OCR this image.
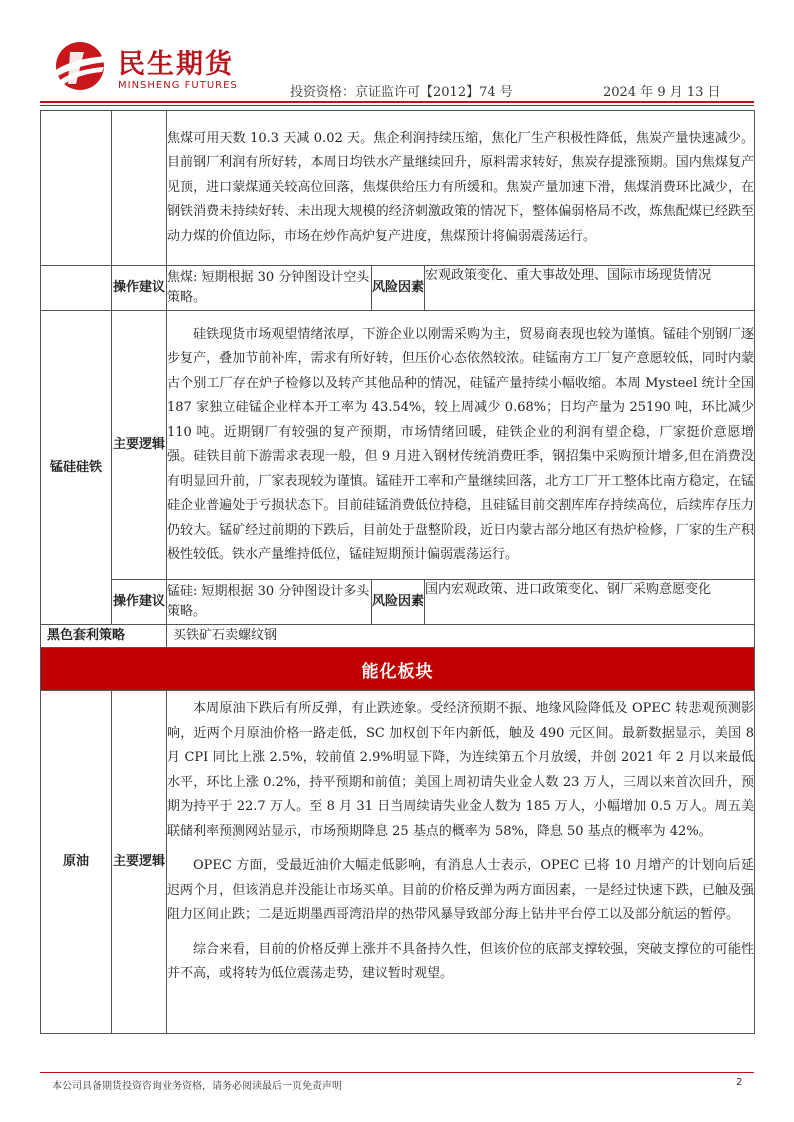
民生期货
MINSHENG FUTURES	投资资格：京证监许可【2012】74 号	2024 年 9 月 13 日

		焦煤可用天数 10.3 天减 0.02 天。焦企利润持续压缩，焦化厂生产积极性降低，焦炭产量快速减少。目前钢厂利润有所好转，本周日均铁水产量继续回升，原料需求转好，焦炭存提涨预期。国内焦煤复产见顶，进口蒙煤通关较高位回落，焦煤供给压力有所缓和。焦炭产量加速下滑，焦煤消费环比减少，在钢铁消费未持续好转、未出现大规模的经济刺激政策的情况下，整体偏弱格局不改，炼焦配煤已经跌至动力煤的价值边际，市场在炒作高炉复产进度，焦煤预计将偏弱震荡运行。		

	操作建议	焦煤: 短期根据 30 分钟图设计空头策略。	风险因素	宏观政策变化、重大事故处理、国际市场现货情况
锰硅硅铁	主要逻辑	硅铁现货市场观望情绪浓厚，下游企业以刚需采购为主，贸易商表现也较为谨慎。锰硅个别钢厂逐步复产，叠加节前补库，需求有所好转，但压价心态依然较浓。硅锰南方工厂复产意愿较低，同时内蒙古个别工厂存在炉子检修以及转产其他品种的情况，硅锰产量持续小幅收缩。本周 Mysteel 统计全国 187 家独立硅锰企业样本开工率为 43.54%，较上周减少 0.68%；日均产量为 25190 吨，环比减少 110 吨。近期钢厂有较强的复产预期，市场情绪回暖，硅铁企业的利润有望企稳，厂家挺价意愿增强。硅铁目前下游需求表现一般，但 9 月进入钢材传统消费旺季，钢招集中采购预计增多,但在消费没有明显回升前，厂家表现较为谨慎。锰硅开工率和产量继续回落，北方工厂开工整体比南方稳定，在锰硅企业普遍处于亏损状态下。目前硅锰消费低位持稳，且硅锰目前交割库库存持续高位，后续库存压力仍较大。锰矿经过前期的下跌后，目前处于盘整阶段，近日内蒙古部分地区有热炉检修，厂家的生产积极性较低。铁水产量维持低位，锰硅短期预计偏弱震荡运行。		

	操作建议	锰硅: 短期根据 30 分钟图设计多头策略。	风险因素	国内宏观政策、进口政策变化、钢厂采购意愿变化
黑色套利策略		买铁矿石卖螺纹钢		
能化板块				
原油	主要逻辑	本周原油下跌后有所反弹，有止跌迹象。受经济预期不振、地缘风险降低及 OPEC 转悲观预测影响，近两个月原油价格一路走低，SC 加权创下年内新低，触及 490 元区间。最新数据显示，美国 8 月 CPI 同比上涨 2.5%，较前值 2.9%明显下降，为连续第五个月放缓，并创 2021 年 2 月以来最低水平，环比上涨 0.2%，持平预期和前值；美国上周初请失业金人数 23 万人，三周以来首次回升，预期为持平于 22.7 万人。至 8 月 31 日当周续请失业金人数为 185 万人，小幅增加 0.5 万人。周五美联储利率预测网站显示，市场预期降息 25 基点的概率为 58%，降息 50 基点的概率为 42%。

OPEC 方面，受最近油价大幅走低影响，有消息人士表示，OPEC 已将 10 月增产的计划向后延迟两个月，但该消息并没能让市场买单。目前的价格反弹为两方面因素，一是经过快速下跌，已触及强阻力区间止跌；二是近期墨西哥湾沿岸的热带风暴导致部分海上钻井平台停工以及部分航运的暂停。

综合来看，目前的价格反弹上涨并不具备持久性，但该价位的底部支撑较强，突破支撑位的可能性并不高，或将转为低位震荡走势，建议暂时观望。		

本公司具备期货投资咨询业务资格，请务必阅读最后一页免责声明	2
